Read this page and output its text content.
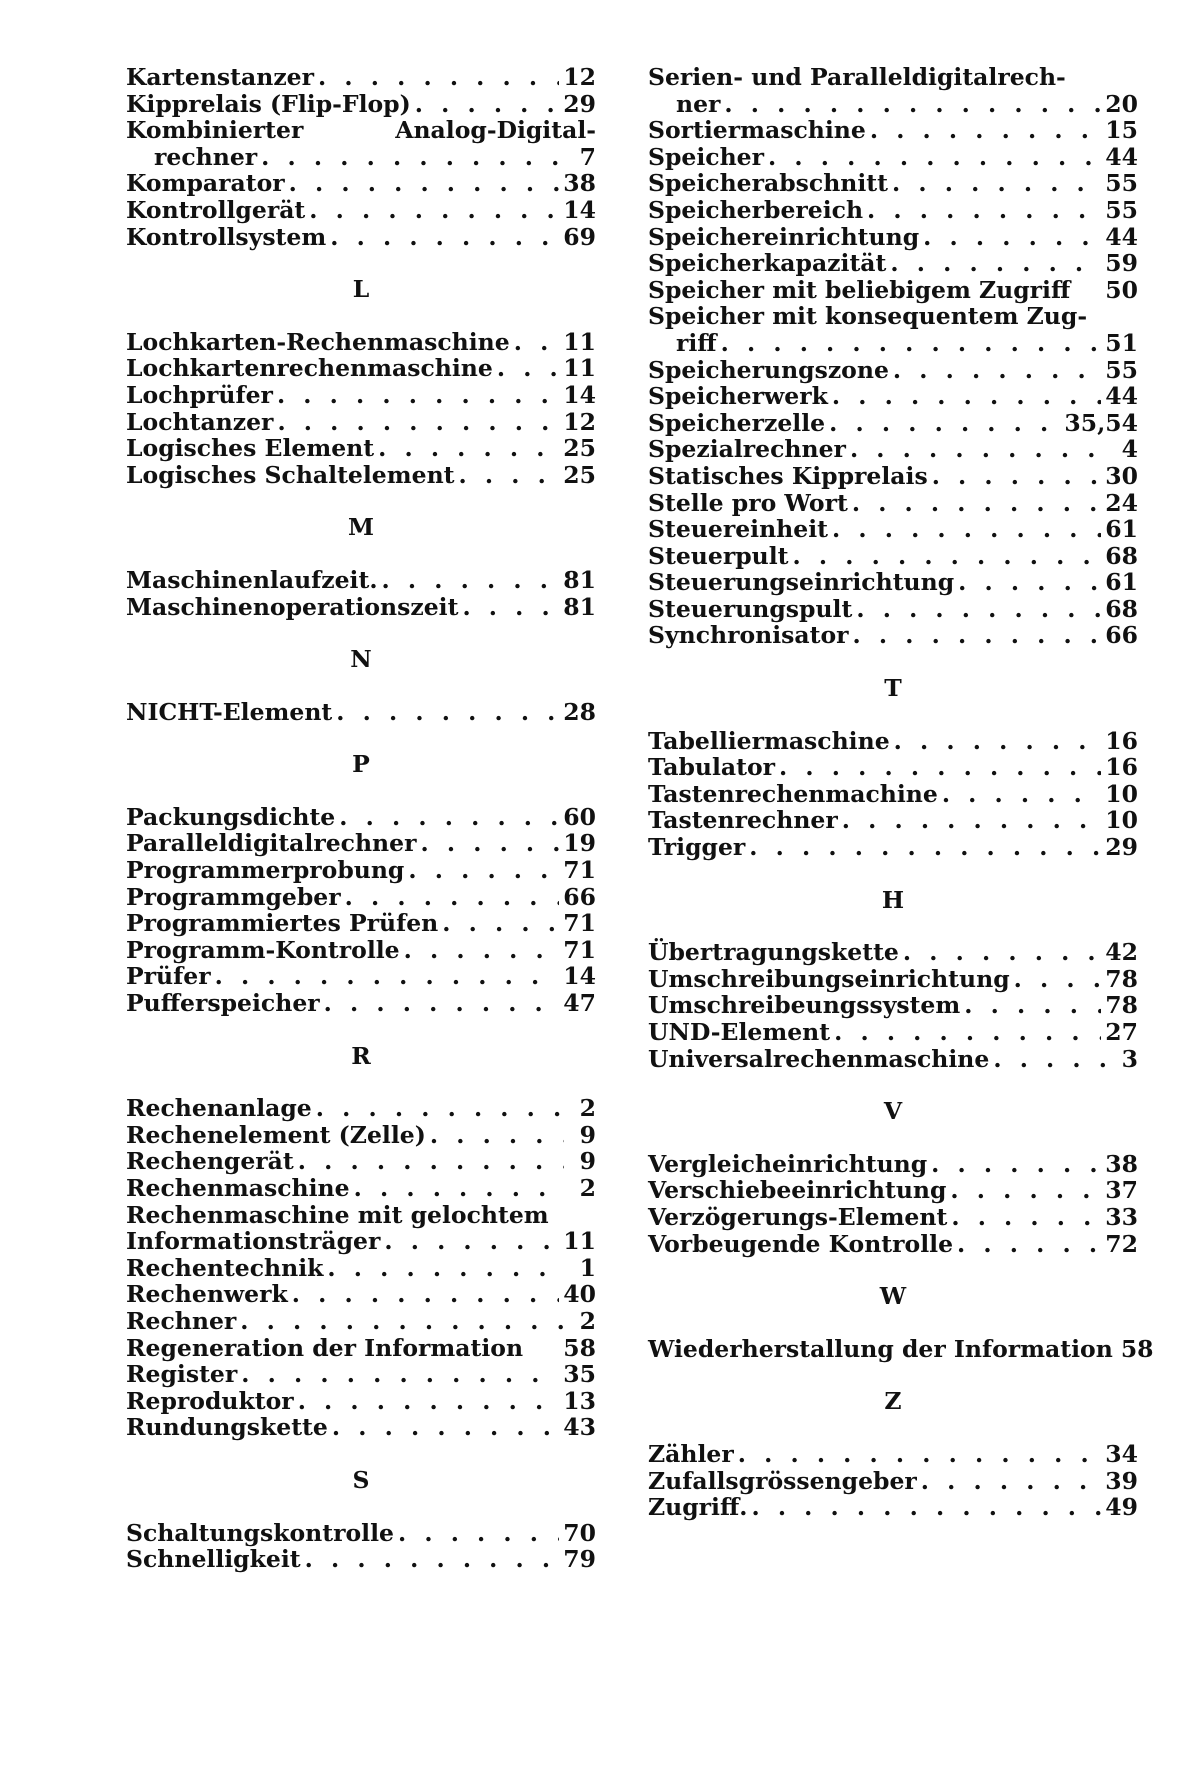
Kartenstanzer
. . .	12
Kipprelais (Flip-Flop)
. . .	29
Kombinierter	Analog-Digital-
rechner
. . .	7
Komparator
. . .	38
Kontrollgerät
. . .	14
Kontrollsystem
. . .	69
L
Lochkarten-Rechenmaschine
. . . 11
Lochkartenrechenmaschine
. . .	11
Lochprüfer
. . .	14
Lochtanzer
. . .	12
Logisches Element
. . .	25
Logisches Schaltelement
. . .	25
M
Maschinenlaufzeit.
. . .	81
Maschinenoperationszeit
. . .	81
N
NICHT-Element
. . .	28
P
Packungsdichte
. . .	60
Paralleldigitalrechner
. . .	19
Programmerprobung
. . .	71
Programmgeber
. . .	66
Programmiertes Prüfen
. . .	71
Programm-Kontrolle
. . .	71
Prüfer
. . .	14
Pufferspeicher
. . .	47
R
Rechenanlage
. . .	2
Rechenelement (Zelle)
. . .	9
Rechengerät
. . .	9
Rechenmaschine
. . .	2
Rechenmaschine mit gelochtem
Informationsträger
. . .	11
Rechentechnik
. . .	1
Rechenwerk
. . .	40
Rechner
. . .	2
Regeneration der Information 58
Register
. . .	35
Reproduktor
. . .	13
Rundungskette
. . .	43
S
Schaltungskontrolle
. . .	70
Schnelligkeit
. . .	79
Serien- und Paralleldigitalrech-
ner
. . .	20
Sortiermaschine
. . .	15
Speicher
. . .	44
Speicherabschnitt
. . .	55
Speicherbereich
. . .	55
Speichereinrichtung
. . .	44
Speicherkapazität
. . .	59
Speicher mit beliebigem Zugriff 50
Speicher mit konsequentem Zug-
riff
. . .	51
Speicherungszone
. . .	55
Speicherwerk
. . .	44
Speicherzelle
. . .	35,54
Spezialrechner
. . .	4
Statisches Kipprelais
. . .	30
Stelle pro Wort
. . .	24
Steuereinheit
. . .	61
Steuerpult
. . .	68
Steuerungseinrichtung
. . .	61
Steuerungspult
. . .	68
Synchronisator
. . .	66
T
Tabelliermaschine
. . .	16
Tabulator
. . .	16
Tastenrechenmachine
. . .	10
Tastenrechner
. . .	10
Trigger
. . .	29
H
Übertragungskette
. . .	42
Umschreibungseinrichtung
. . .	78
Umschreibeungssystem
. . .	78
UND-Element
. . .	27
Universalrechenmaschine
. . .	3
V
Vergleicheinrichtung
. . .	38
Verschiebeeinrichtung
. . .	37
Verzögerungs-Element
. . .	33
Vorbeugende Kontrolle
. . .	72
W
Wiederherstallung der Information 58
Z
Zähler
. . .	34
Zufallsgrössengeber
. . .	39
Zugriff.
. . .	49
